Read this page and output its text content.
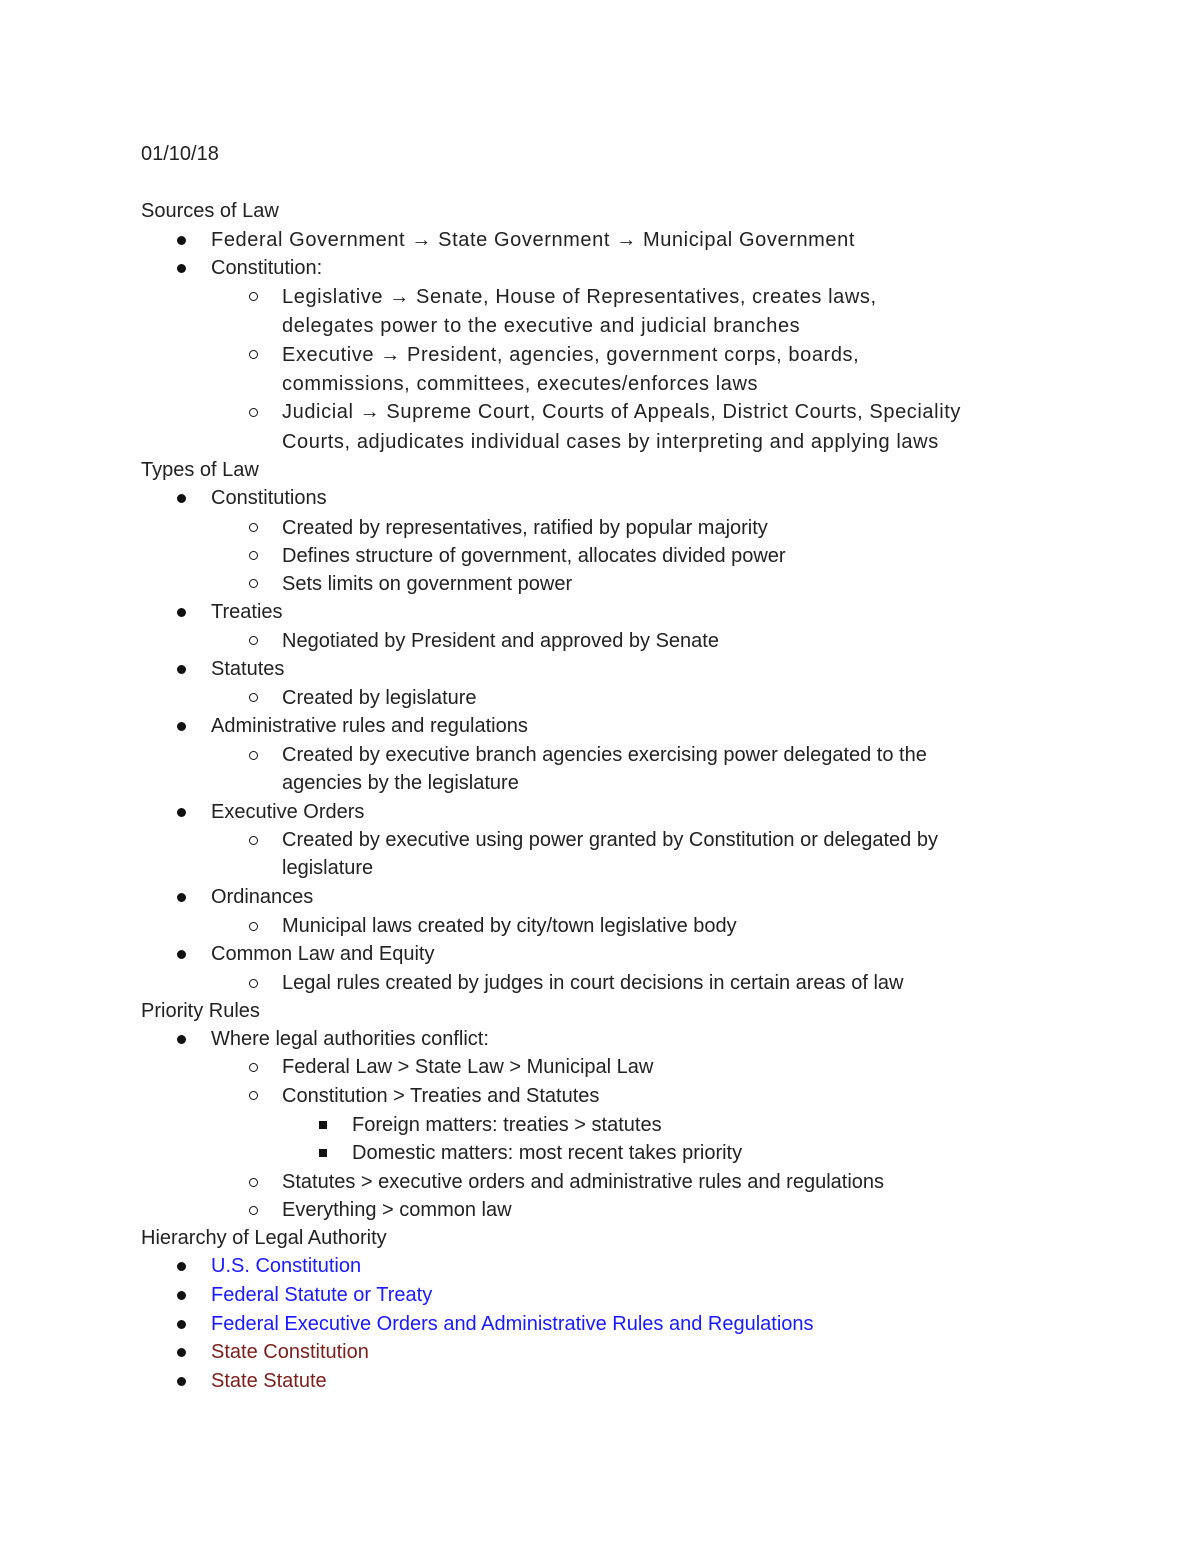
01/10/18
Sources of Law
Federal Government → State Government → Municipal Government
Constitution:
Legislative → Senate, House of Representatives, creates laws,
delegates power to the executive and judicial branches
Executive → President, agencies, government corps, boards,
commissions, committees, executes/enforces laws
Judicial → Supreme Court, Courts of Appeals, District Courts, Speciality
Courts, adjudicates individual cases by interpreting and applying laws
Types of Law
Constitutions
Created by representatives, ratified by popular majority
Defines structure of government, allocates divided power
Sets limits on government power
Treaties
Negotiated by President and approved by Senate
Statutes
Created by legislature
Administrative rules and regulations
Created by executive branch agencies exercising power delegated to the
agencies by the legislature
Executive Orders
Created by executive using power granted by Constitution or delegated by
legislature
Ordinances
Municipal laws created by city/town legislative body
Common Law and Equity
Legal rules created by judges in court decisions in certain areas of law
Priority Rules
Where legal authorities conflict:
Federal Law > State Law > Municipal Law
Constitution > Treaties and Statutes
Foreign matters: treaties > statutes
Domestic matters: most recent takes priority
Statutes > executive orders and administrative rules and regulations
Everything > common law
Hierarchy of Legal Authority
U.S. Constitution
Federal Statute or Treaty
Federal Executive Orders and Administrative Rules and Regulations
State Constitution
State Statute
